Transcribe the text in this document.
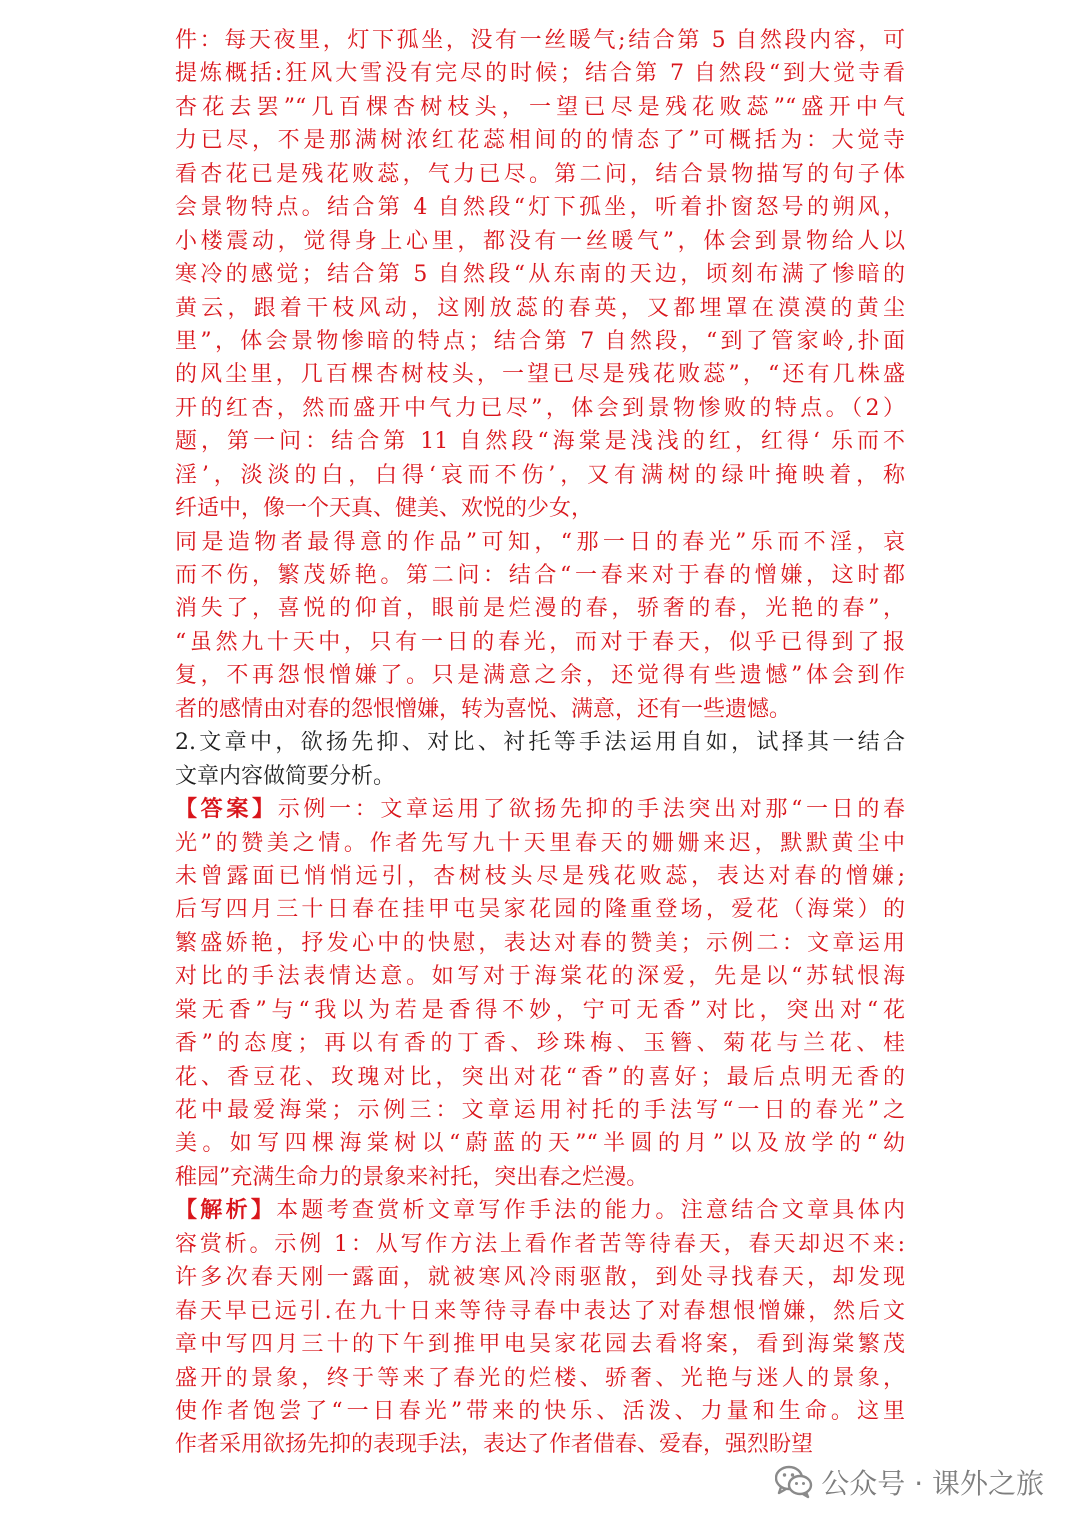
件：每天夜里，灯下孤坐，没有一丝暖气;结合第 5 自然段内容，可
提炼概括:狂风大雪没有完尽的时候；结合第 7 自然段“到大觉寺看
杏花去罢”“几百棵杏树枝头，一望已尽是残花败蕊”“盛开中气
力已尽，不是那满树浓红花蕊相间的的情态了”可概括为：大觉寺
看杏花已是残花败蕊，气力已尽。第二问，结合景物描写的句子体
会景物特点。结合第 4 自然段“灯下孤坐，听着扑窗怒号的朔风，
小楼震动，觉得身上心里，都没有一丝暖气”，体会到景物给人以
寒冷的感觉；结合第 5 自然段“从东南的天边，顷刻布满了惨暗的
黄云，跟着干枝风动，这刚放蕊的春英，又都埋罩在漠漠的黄尘
里”，体会景物惨暗的特点；结合第 7 自然段，“到了管家岭,扑面
的风尘里，几百棵杏树枝头，一望已尽是残花败蕊”，“还有几株盛
开的红杏，然而盛开中气力已尽”，体会到景物惨败的特点。（2）
题，第一问：结合第 11 自然段“海棠是浅浅的红，红得‘ 乐而不
淫’，淡淡的白，白得‘哀而不伤’，又有满树的绿叶掩映着，称
纤适中，像一个天真、健美、欢悦的少女，
同是造物者最得意的作品”可知，“那一日的春光”乐而不淫，哀
而不伤，繁茂娇艳。第二问：结合“一春来对于春的憎嫌，这时都
消失了，喜悦的仰首，眼前是烂漫的春，骄奢的春，光艳的春”，
“虽然九十天中，只有一日的春光，而对于春天，似乎已得到了报
复，不再怨恨憎嫌了。只是满意之余，还觉得有些遗憾”体会到作
者的感情由对春的怨恨憎嫌，转为喜悦、满意，还有一些遗憾。
2.文章中，欲扬先抑、对比、衬托等手法运用自如，试择其一结合
文章内容做简要分析。
【答案】示例一：文章运用了欲扬先抑的手法突出对那“一日的春
光”的赞美之情。作者先写九十天里春天的姗姗来迟，默默黄尘中
未曾露面已悄悄远引，杏树枝头尽是残花败蕊，表达对春的憎嫌;
后写四月三十日春在挂甲屯吴家花园的隆重登场，爱花（海棠）的
繁盛娇艳，抒发心中的快慰，表达对春的赞美；示例二：文章运用
对比的手法表情达意。如写对于海棠花的深爱，先是以“苏轼恨海
棠无香”与“我以为若是香得不妙，宁可无香”对比，突出对“花
香”的态度；再以有香的丁香、珍珠梅、玉簪、菊花与兰花、桂
花、香豆花、玫瑰对比，突出对花“香”的喜好；最后点明无香的
花中最爱海棠；示例三：文章运用衬托的手法写“一日的春光”之
美。如写四棵海棠树以“蔚蓝的天”“半圆的月”以及放学的“幼
稚园”充满生命力的景象来衬托，突出春之烂漫。
【解析】本题考查赏析文章写作手法的能力。注意结合文章具体内
容赏析。示例 1：从写作方法上看作者苦等待春天，春天却迟不来:
许多次春天刚一露面，就被寒风冷雨驱散，到处寻找春天，却发现
春天早已远引.在九十日来等待寻春中表达了对春想恨憎嫌，然后文
章中写四月三十的下午到推甲电吴家花园去看将案，看到海棠繁茂
盛开的景象，终于等来了春光的烂楼、骄奢、光艳与迷人的景象，
使作者饱尝了“一日春光”带来的快乐、活泼、力量和生命。这里
作者采用欲扬先抑的表现手法，表达了作者借春、爱春，强烈盼望
公众号 · 课外之旅
